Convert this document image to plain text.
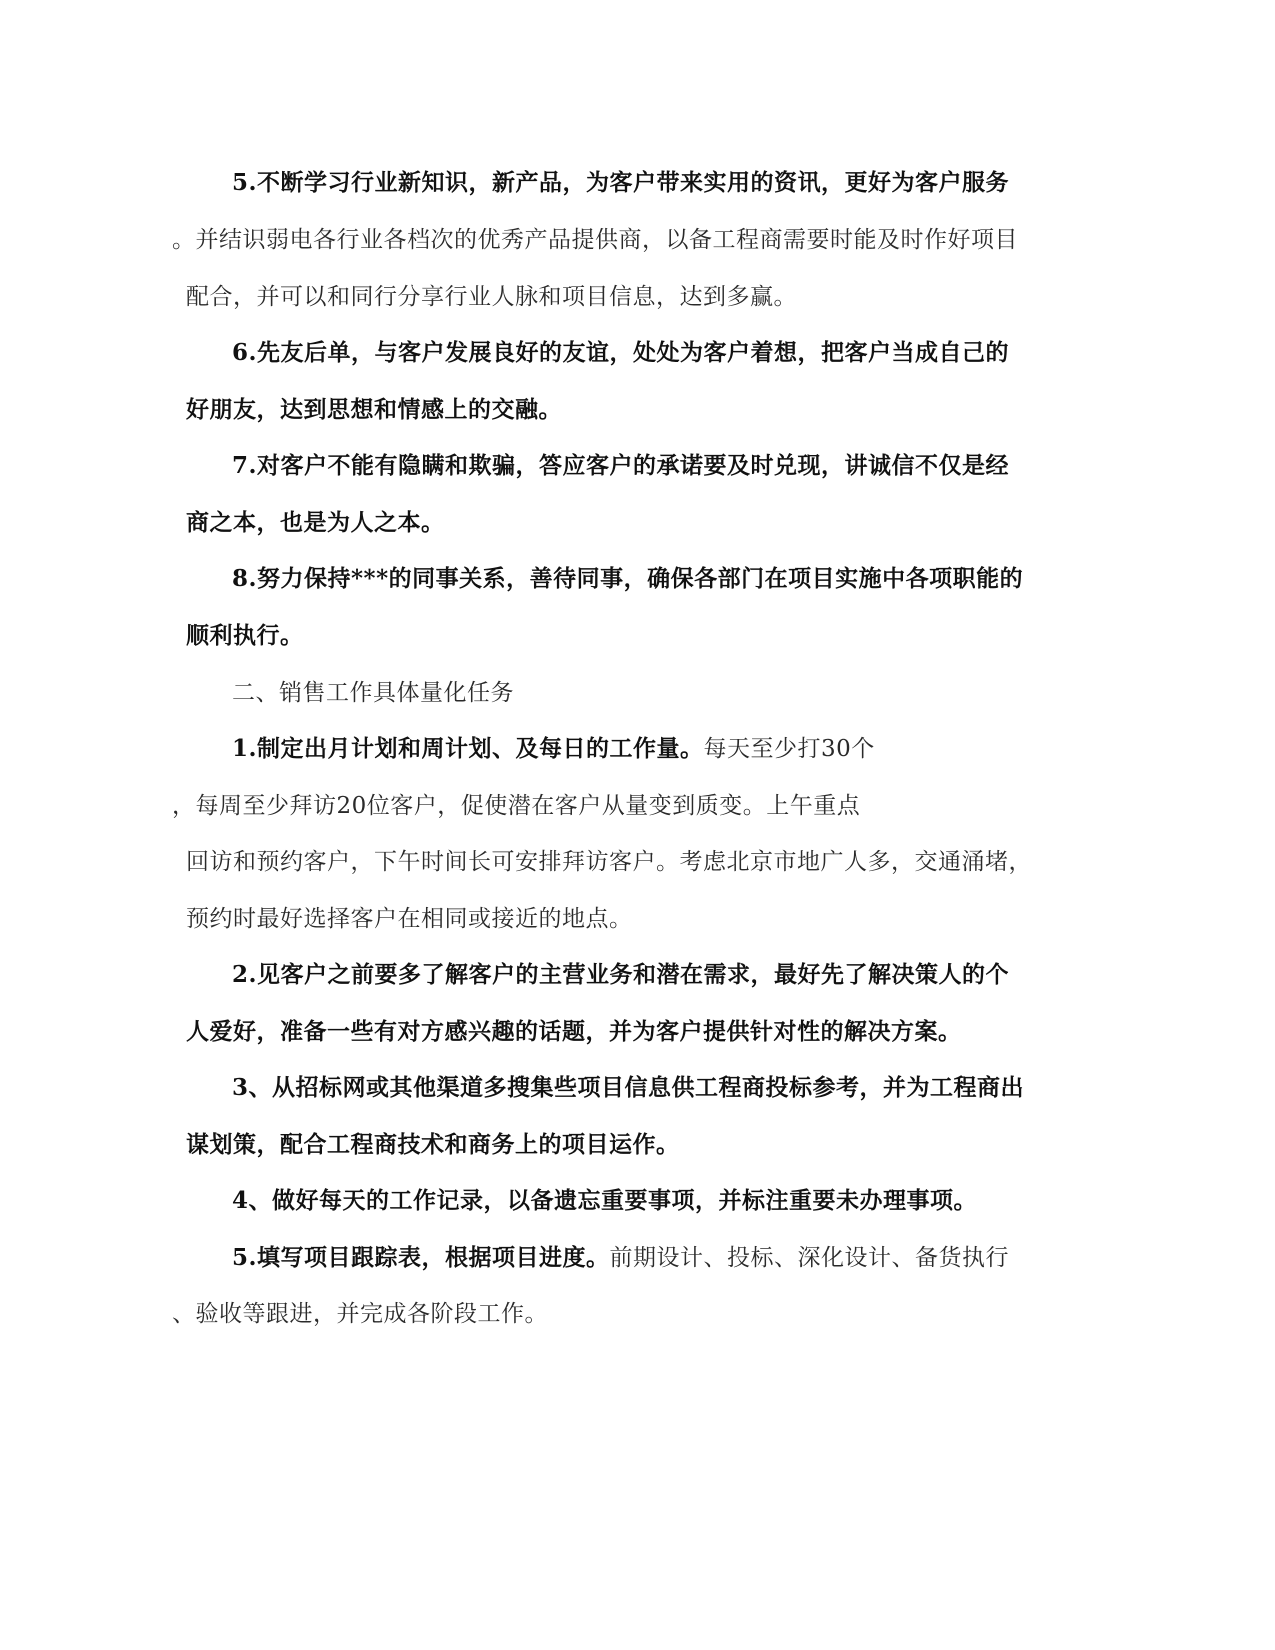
5.不断学习行业新知识，新产品，为客户带来实用的资讯，更好为客户服务
。并结识弱电各行业各档次的优秀产品提供商，以备工程商需要时能及时作好项目
配合，并可以和同行分享行业人脉和项目信息，达到多赢。
6.先友后单，与客户发展良好的友谊，处处为客户着想，把客户当成自己的
好朋友，达到思想和情感上的交融。
7.对客户不能有隐瞒和欺骗，答应客户的承诺要及时兑现，讲诚信不仅是经
商之本，也是为人之本。
8.努力保持***的同事关系，善待同事，确保各部门在项目实施中各项职能的
顺利执行。
二、销售工作具体量化任务
1.制定出月计划和周计划、及每日的工作量。每天至少打30个
，每周至少拜访20位客户，促使潜在客户从量变到质变。上午重点
回访和预约客户，下午时间长可安排拜访客户。考虑北京市地广人多，交通涌堵，
预约时最好选择客户在相同或接近的地点。
2.见客户之前要多了解客户的主营业务和潜在需求，最好先了解决策人的个
人爱好，准备一些有对方感兴趣的话题，并为客户提供针对性的解决方案。
3、从招标网或其他渠道多搜集些项目信息供工程商投标参考，并为工程商出
谋划策，配合工程商技术和商务上的项目运作。
4、做好每天的工作记录，以备遗忘重要事项，并标注重要未办理事项。
5.填写项目跟踪表，根据项目进度。前期设计、投标、深化设计、备货执行
、验收等跟进，并完成各阶段工作。
